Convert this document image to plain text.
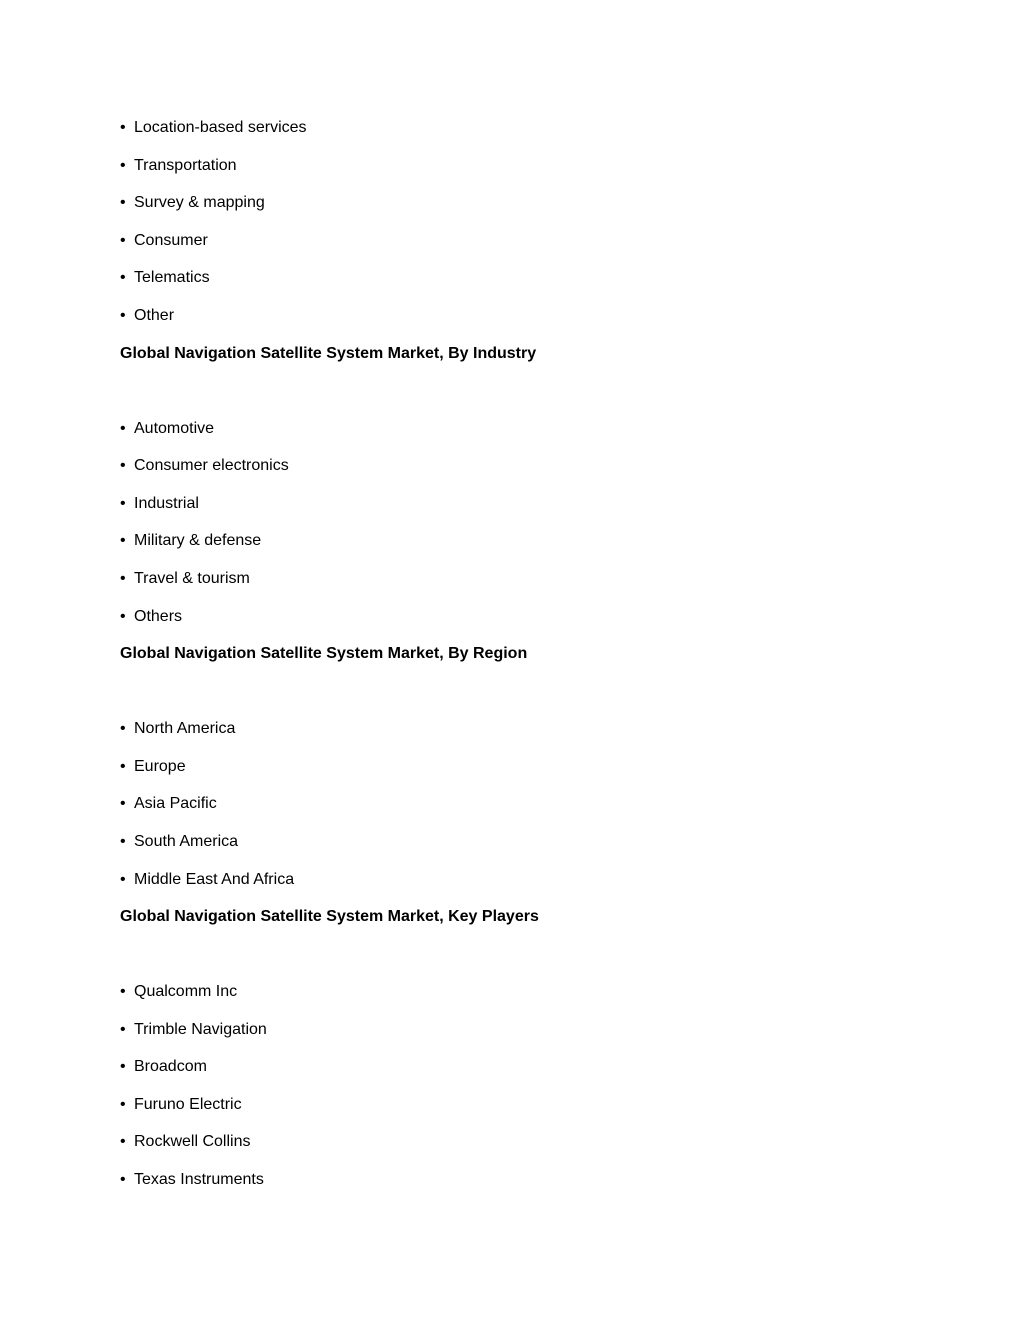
• Location-based services
• Transportation
• Survey & mapping
• Consumer
• Telematics
• Other
Global Navigation Satellite System Market, By Industry
• Automotive
• Consumer electronics
• Industrial
• Military & defense
• Travel & tourism
• Others
Global Navigation Satellite System Market, By Region
• North America
• Europe
• Asia Pacific
• South America
• Middle East And Africa
Global Navigation Satellite System Market, Key Players
• Qualcomm Inc
• Trimble Navigation
• Broadcom
• Furuno Electric
• Rockwell Collins
• Texas Instruments
